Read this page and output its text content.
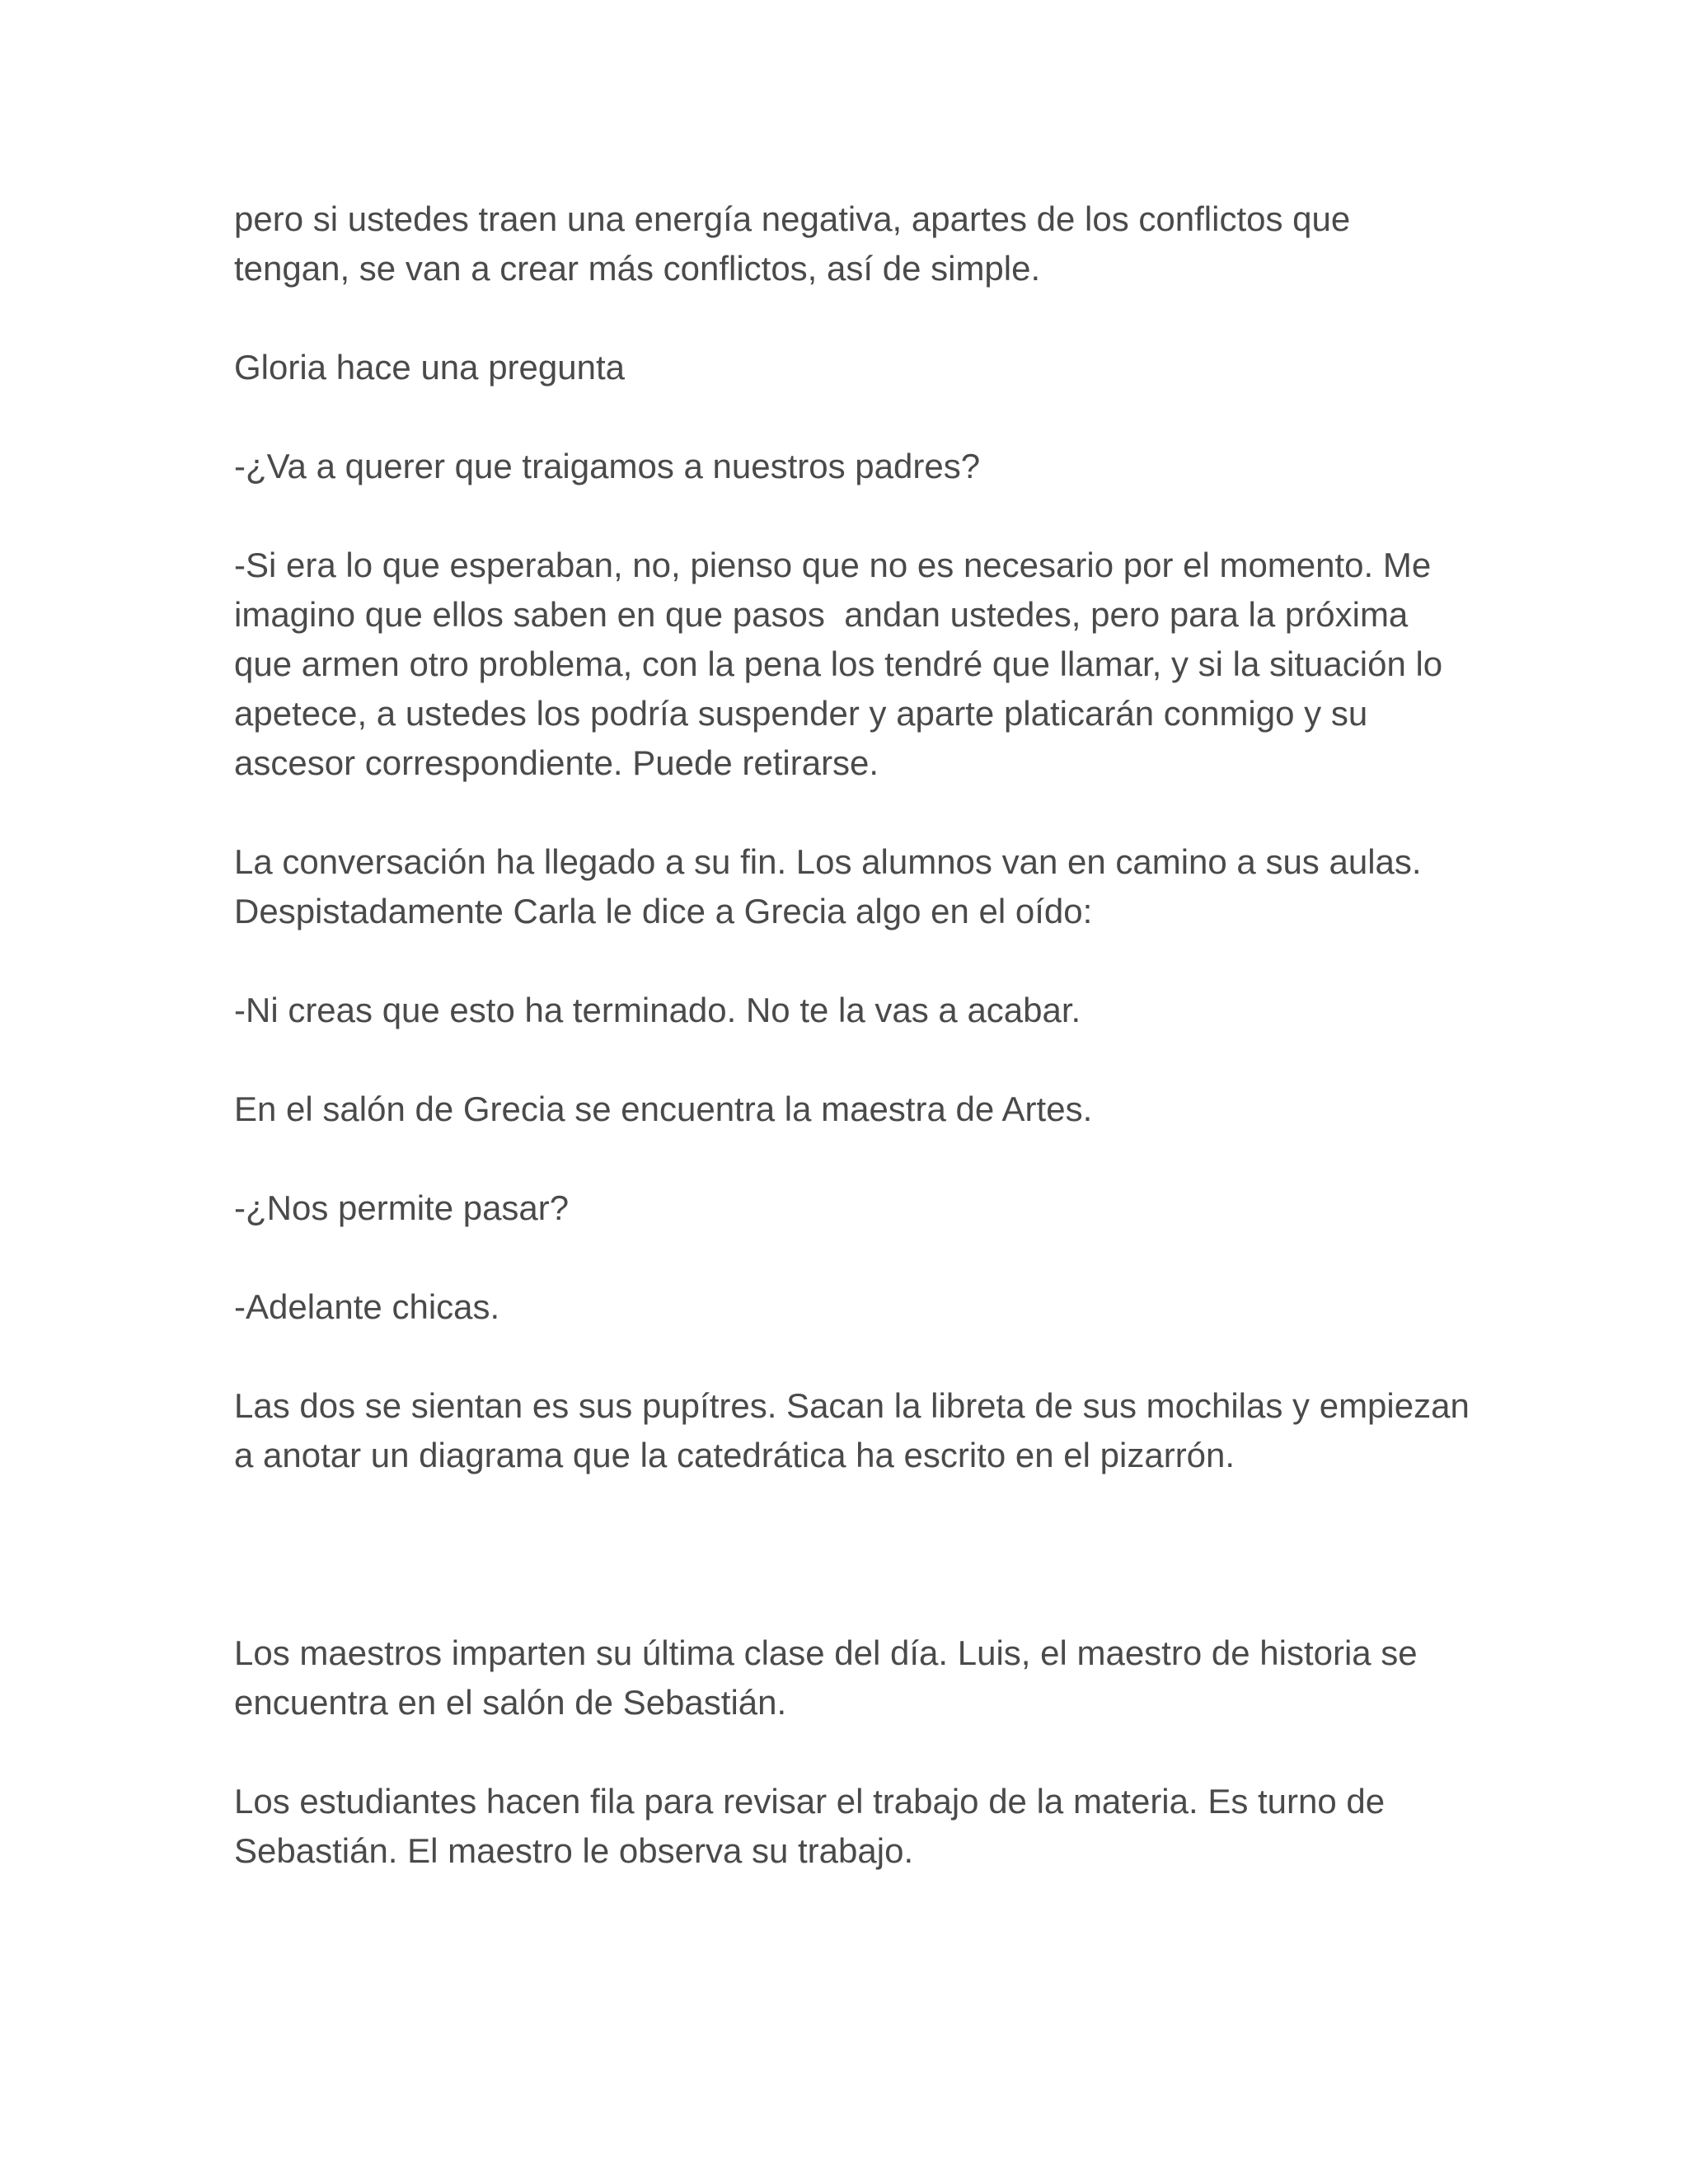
pero si ustedes traen una energía negativa, apartes de los conflictos que tengan, se van a crear más conflictos, así de simple.

Gloria hace una pregunta

-¿Va a querer que traigamos a nuestros padres?

-Si era lo que esperaban, no, pienso que no es necesario por el momento. Me imagino que ellos saben en que pasos  andan ustedes, pero para la próxima que armen otro problema, con la pena los tendré que llamar, y si la situación lo apetece, a ustedes los podría suspender y aparte platicarán conmigo y su ascesor correspondiente. Puede retirarse.

La conversación ha llegado a su fin. Los alumnos van en camino a sus aulas. Despistadamente Carla le dice a Grecia algo en el oído:

-Ni creas que esto ha terminado. No te la vas a acabar.

En el salón de Grecia se encuentra la maestra de Artes.

-¿Nos permite pasar?

-Adelante chicas.

Las dos se sientan es sus pupítres. Sacan la libreta de sus mochilas y empiezan a anotar un diagrama que la catedrática ha escrito en el pizarrón.

Los maestros imparten su última clase del día. Luis, el maestro de historia se encuentra en el salón de Sebastián.

Los estudiantes hacen fila para revisar el trabajo de la materia. Es turno de Sebastián. El maestro le observa su trabajo.
